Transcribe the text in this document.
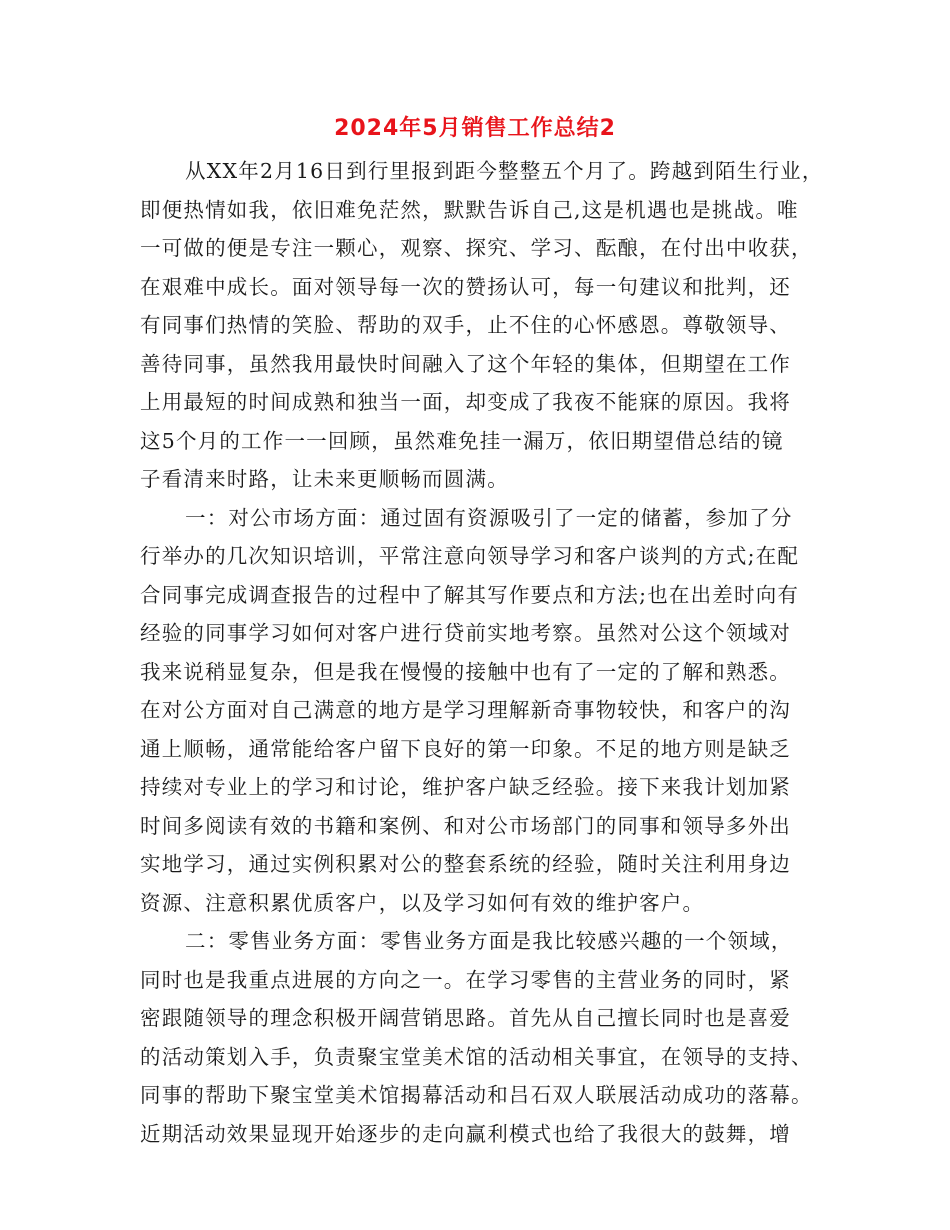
2024年5月销售工作总结2
从XX年2月16日到行里报到距今整整五个月了。跨越到陌生行业，
即便热情如我，依旧难免茫然，默默告诉自己,这是机遇也是挑战。唯
一可做的便是专注一颗心，观察、探究、学习、酝酿，在付出中收获，
在艰难中成长。面对领导每一次的赞扬认可，每一句建议和批判，还
有同事们热情的笑脸、帮助的双手，止不住的心怀感恩。尊敬领导、
善待同事，虽然我用最快时间融入了这个年轻的集体，但期望在工作
上用最短的时间成熟和独当一面，却变成了我夜不能寐的原因。我将
这5个月的工作一一回顾，虽然难免挂一漏万，依旧期望借总结的镜
子看清来时路，让未来更顺畅而圆满。
一：对公市场方面：通过固有资源吸引了一定的储蓄，参加了分
行举办的几次知识培训，平常注意向领导学习和客户谈判的方式;在配
合同事完成调查报告的过程中了解其写作要点和方法;也在出差时向有
经验的同事学习如何对客户进行贷前实地考察。虽然对公这个领域对
我来说稍显复杂，但是我在慢慢的接触中也有了一定的了解和熟悉。
在对公方面对自己满意的地方是学习理解新奇事物较快，和客户的沟
通上顺畅，通常能给客户留下良好的第一印象。不足的地方则是缺乏
持续对专业上的学习和讨论，维护客户缺乏经验。接下来我计划加紧
时间多阅读有效的书籍和案例、和对公市场部门的同事和领导多外出
实地学习，通过实例积累对公的整套系统的经验，随时关注利用身边
资源、注意积累优质客户，以及学习如何有效的维护客户。
二：零售业务方面：零售业务方面是我比较感兴趣的一个领域，
同时也是我重点进展的方向之一。在学习零售的主营业务的同时，紧
密跟随领导的理念积极开阔营销思路。首先从自己擅长同时也是喜爱
的活动策划入手，负责聚宝堂美术馆的活动相关事宜，在领导的支持、
同事的帮助下聚宝堂美术馆揭幕活动和吕石双人联展活动成功的落幕。
近期活动效果显现开始逐步的走向赢利模式也给了我很大的鼓舞，增
